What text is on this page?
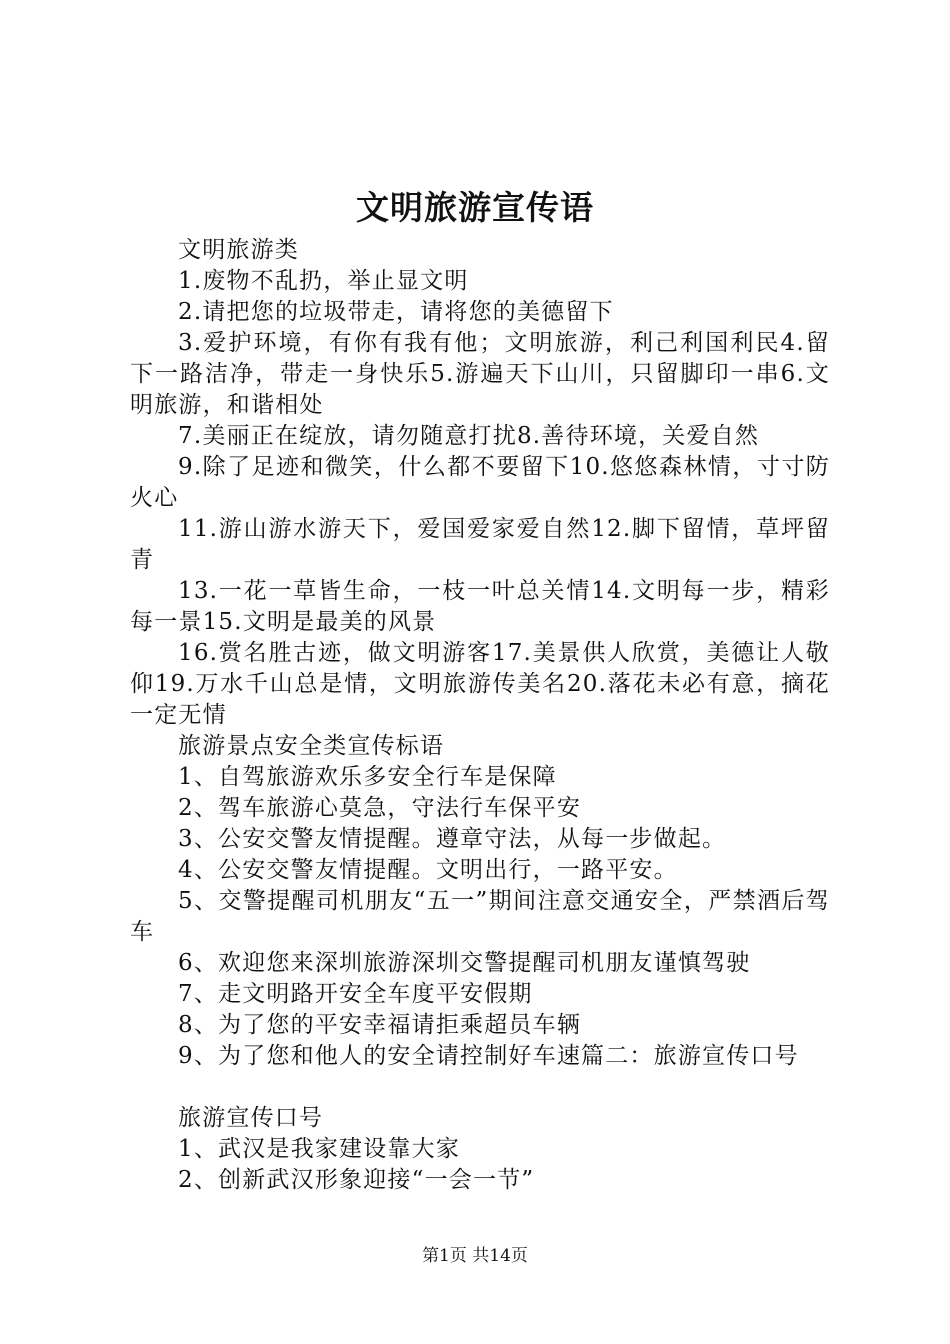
文明旅游宣传语

文明旅游类

1.废物不乱扔，举止显文明

2.请把您的垃圾带走，请将您的美德留下

3.爱护环境，有你有我有他；文明旅游，利己利国利民4.留下一路洁净，带走一身快乐5.游遍天下山川，只留脚印一串6.文明旅游，和谐相处

7.美丽正在绽放，请勿随意打扰8.善待环境，关爱自然

9.除了足迹和微笑，什么都不要留下10.悠悠森林情，寸寸防火心

11.游山游水游天下，爱国爱家爱自然12.脚下留情，草坪留青

13.一花一草皆生命，一枝一叶总关情14.文明每一步，精彩每一景15.文明是最美的风景

16.赏名胜古迹，做文明游客17.美景供人欣赏，美德让人敬仰19.万水千山总是情，文明旅游传美名20.落花未必有意，摘花一定无情

旅游景点安全类宣传标语

1、自驾旅游欢乐多安全行车是保障

2、驾车旅游心莫急，守法行车保平安

3、公安交警友情提醒。遵章守法，从每一步做起。

4、公安交警友情提醒。文明出行，一路平安。

5、交警提醒司机朋友“五一”期间注意交通安全，严禁酒后驾车

6、欢迎您来深圳旅游深圳交警提醒司机朋友谨慎驾驶

7、走文明路开安全车度平安假期

8、为了您的平安幸福请拒乘超员车辆

9、为了您和他人的安全请控制好车速篇二：旅游宣传口号

旅游宣传口号

1、武汉是我家建设靠大家

2、创新武汉形象迎接“一会一节”

第1页 共14页
